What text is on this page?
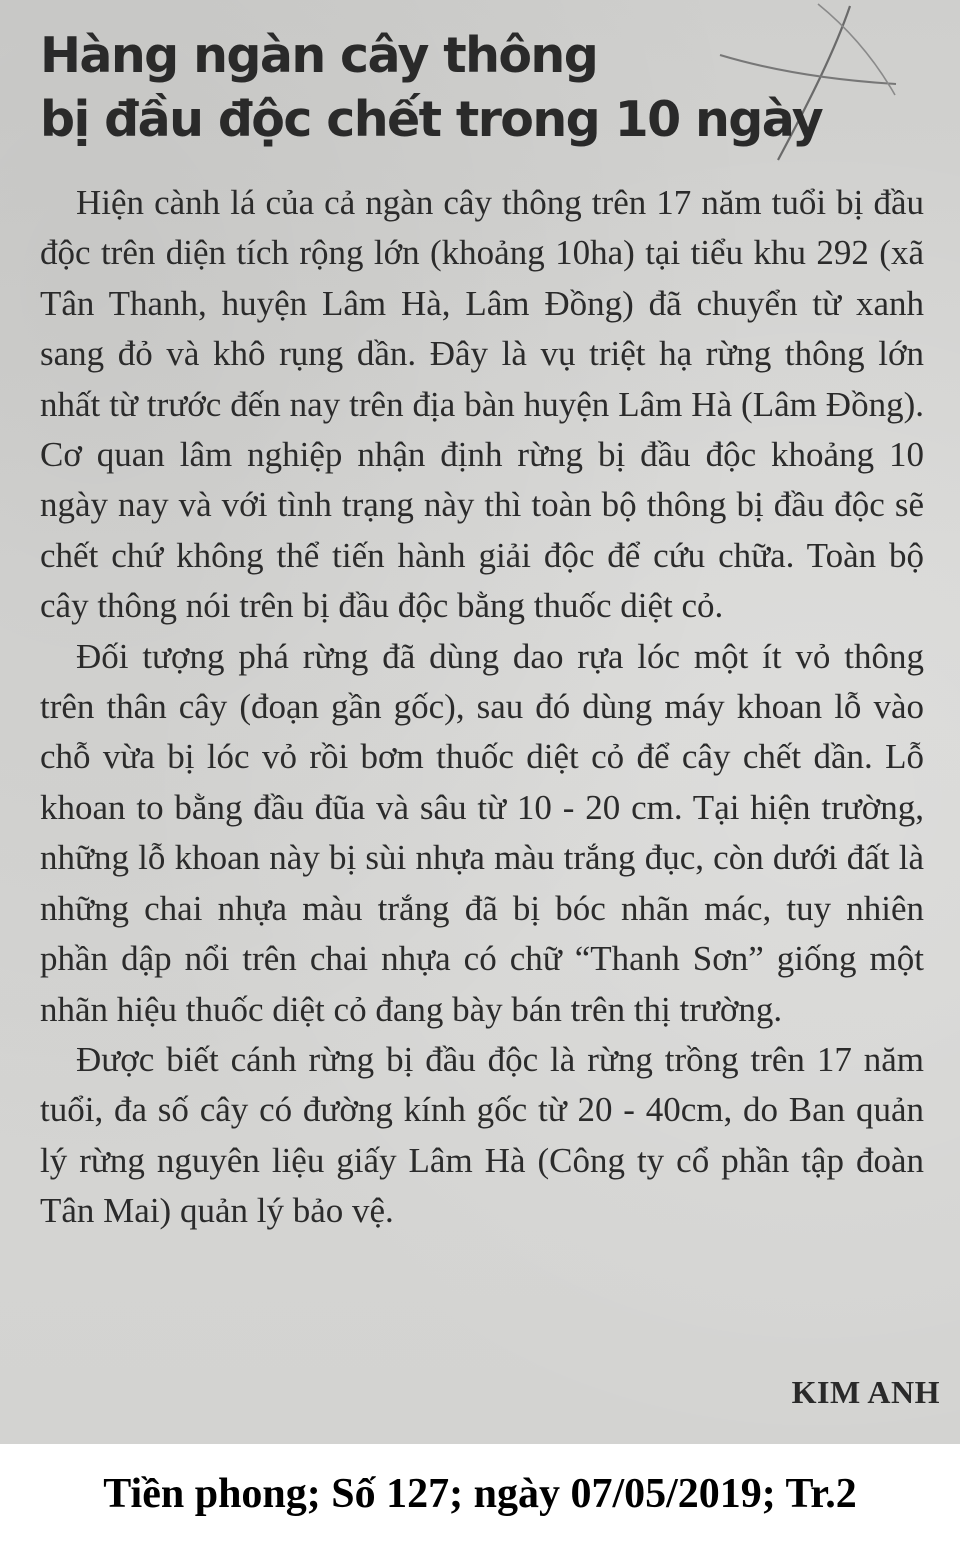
Hàng ngàn cây thông
bị đầu độc chết trong 10 ngày

Hiện cành lá của cả ngàn cây thông trên 17 năm tuổi bị đầu độc trên diện tích rộng lớn (khoảng 10ha) tại tiểu khu 292 (xã Tân Thanh, huyện Lâm Hà, Lâm Đồng) đã chuyển từ xanh sang đỏ và khô rụng dần. Đây là vụ triệt hạ rừng thông lớn nhất từ trước đến nay trên địa bàn huyện Lâm Hà (Lâm Đồng). Cơ quan lâm nghiệp nhận định rừng bị đầu độc khoảng 10 ngày nay và với tình trạng này thì toàn bộ thông bị đầu độc sẽ chết chứ không thể tiến hành giải độc để cứu chữa. Toàn bộ cây thông nói trên bị đầu độc bằng thuốc diệt cỏ.

Đối tượng phá rừng đã dùng dao rựa lóc một ít vỏ thông trên thân cây (đoạn gần gốc), sau đó dùng máy khoan lỗ vào chỗ vừa bị lóc vỏ rồi bơm thuốc diệt cỏ để cây chết dần. Lỗ khoan to bằng đầu đũa và sâu từ 10 - 20 cm. Tại hiện trường, những lỗ khoan này bị sùi nhựa màu trắng đục, còn dưới đất là những chai nhựa màu trắng đã bị bóc nhãn mác, tuy nhiên phần dập nổi trên chai nhựa có chữ “Thanh Sơn” giống một nhãn hiệu thuốc diệt cỏ đang bày bán trên thị trường.

Được biết cánh rừng bị đầu độc là rừng trồng trên 17 năm tuổi, đa số cây có đường kính gốc từ 20 - 40cm, do Ban quản lý rừng nguyên liệu giấy Lâm Hà (Công ty cổ phần tập đoàn Tân Mai) quản lý bảo vệ.

KIM ANH
Tiền phong; Số 127; ngày 07/05/2019; Tr.2
